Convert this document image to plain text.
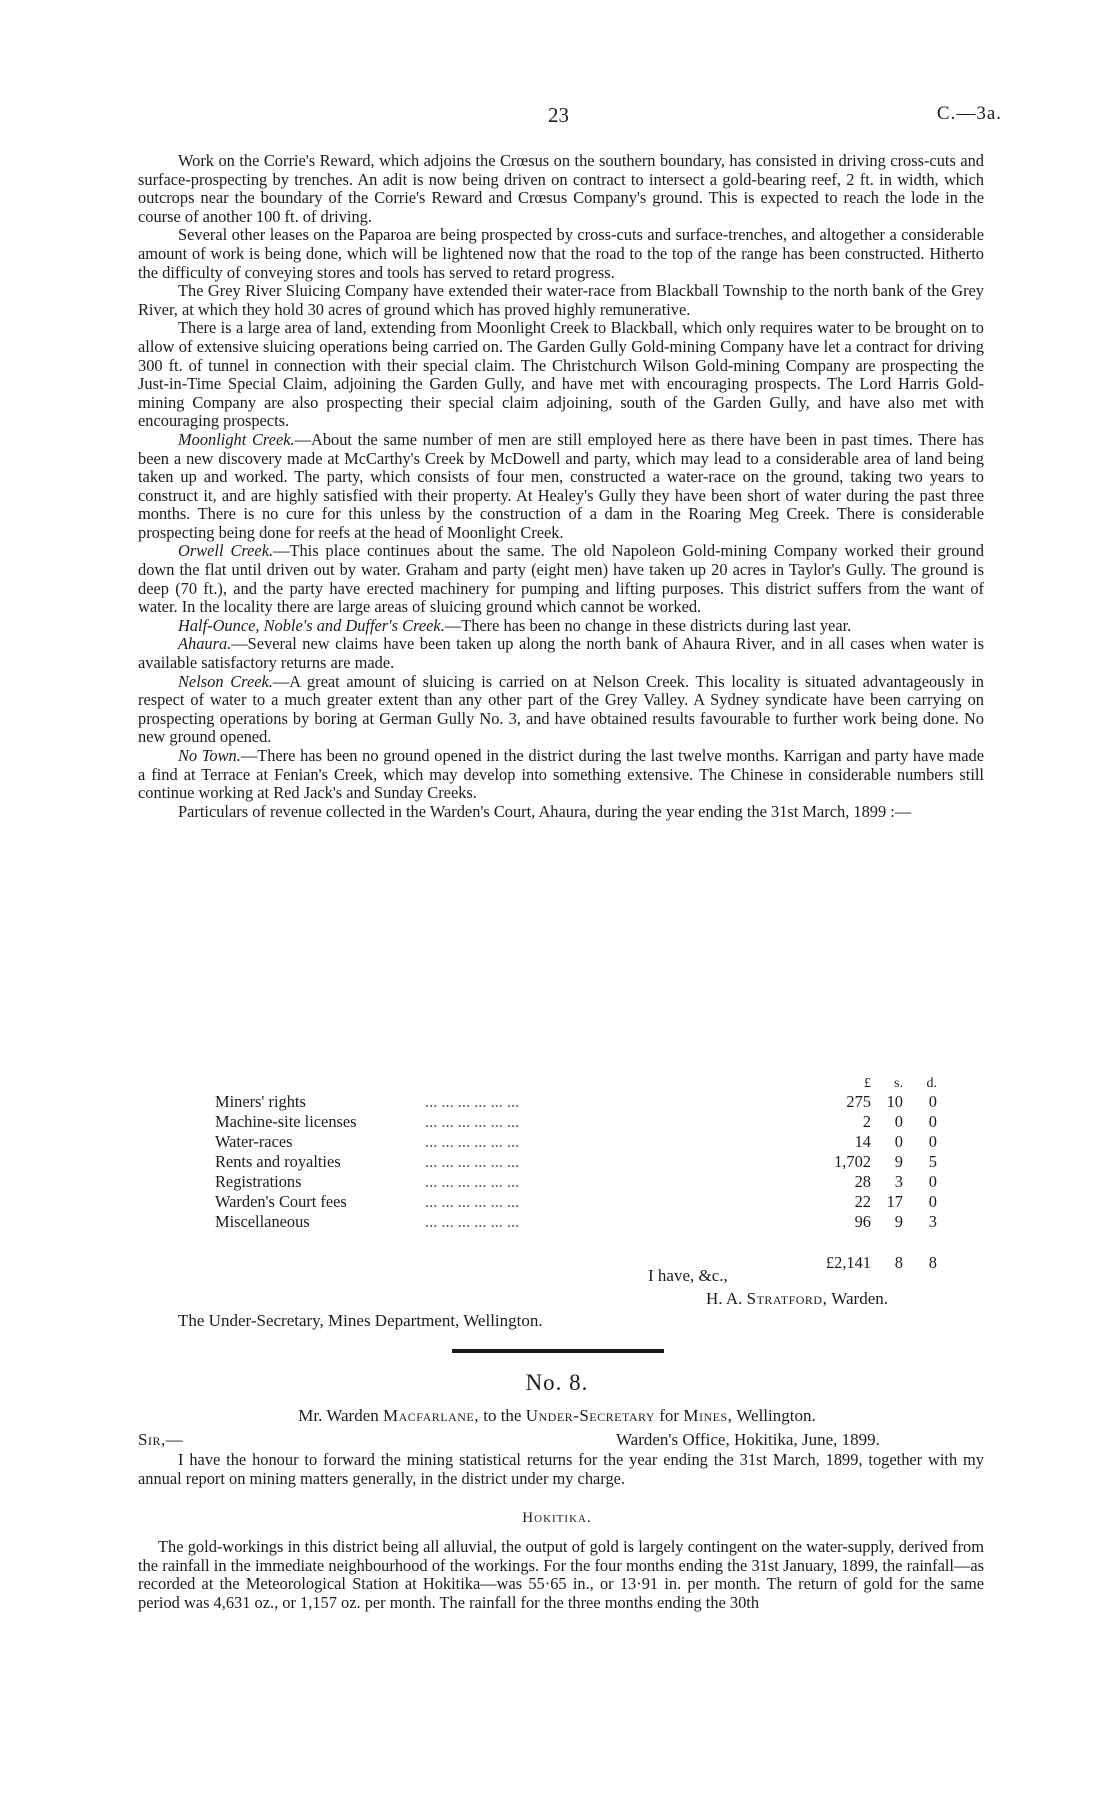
23	C.—3a.

Work on the Corrie's Reward, which adjoins the Crœsus on the southern boundary, has consisted in driving cross-cuts and surface-prospecting by trenches. An adit is now being driven on contract to intersect a gold-bearing reef, 2 ft. in width, which outcrops near the boundary of the Corrie's Reward and Crœsus Company's ground. This is expected to reach the lode in the course of another 100 ft. of driving.

Several other leases on the Paparoa are being prospected by cross-cuts and surface-trenches, and altogether a considerable amount of work is being done, which will be lightened now that the road to the top of the range has been constructed. Hitherto the difficulty of conveying stores and tools has served to retard progress.

The Grey River Sluicing Company have extended their water-race from Blackball Township to the north bank of the Grey River, at which they hold 30 acres of ground which has proved highly remunerative.

There is a large area of land, extending from Moonlight Creek to Blackball, which only requires water to be brought on to allow of extensive sluicing operations being carried on. The Garden Gully Gold-mining Company have let a contract for driving 300 ft. of tunnel in connection with their special claim. The Christchurch Wilson Gold-mining Company are prospecting the Just-in-Time Special Claim, adjoining the Garden Gully, and have met with encouraging prospects. The Lord Harris Gold-mining Company are also prospecting their special claim adjoining, south of the Garden Gully, and have also met with encouraging prospects.

Moonlight Creek.—About the same number of men are still employed here as there have been in past times. There has been a new discovery made at McCarthy's Creek by McDowell and party, which may lead to a considerable area of land being taken up and worked. The party, which consists of four men, constructed a water-race on the ground, taking two years to construct it, and are highly satisfied with their property. At Healey's Gully they have been short of water during the past three months. There is no cure for this unless by the construction of a dam in the Roaring Meg Creek. There is considerable prospecting being done for reefs at the head of Moonlight Creek.

Orwell Creek.—This place continues about the same. The old Napoleon Gold-mining Company worked their ground down the flat until driven out by water. Graham and party (eight men) have taken up 20 acres in Taylor's Gully. The ground is deep (70 ft.), and the party have erected machinery for pumping and lifting purposes. This district suffers from the want of water. In the locality there are large areas of sluicing ground which cannot be worked.

Half-Ounce, Noble's and Duffer's Creek.—There has been no change in these districts during last year.

Ahaura.—Several new claims have been taken up along the north bank of Ahaura River, and in all cases when water is available satisfactory returns are made.

Nelson Creek.—A great amount of sluicing is carried on at Nelson Creek. This locality is situated advantageously in respect of water to a much greater extent than any other part of the Grey Valley. A Sydney syndicate have been carrying on prospecting operations by boring at German Gully No. 3, and have obtained results favourable to further work being done. No new ground opened.

No Town.—There has been no ground opened in the district during the last twelve months. Karrigan and party have made a find at Terrace at Fenian's Creek, which may develop into something extensive. The Chinese in considerable numbers still continue working at Red Jack's and Sunday Creeks.

Particulars of revenue collected in the Warden's Court, Ahaura, during the year ending the 31st March, 1899 :—

		£	s.	d.
Miners' rights	... ... ... ... ... ...	275	10	0
Machine-site licenses	... ... ... ... ... ...	2	0	0
Water-races	... ... ... ... ... ...	14	0	0
Rents and royalties	... ... ... ... ... ...	1,702	9	5
Registrations	... ... ... ... ... ...	28	3	0
Warden's Court fees	... ... ... ... ... ...	22	17	0
Miscellaneous	... ... ... ... ... ...	96	9	3
		£2,141	8	8
I have, &c.,
H. A. Stratford, Warden.
The Under-Secretary, Mines Department, Wellington.
No. 8.
Mr. Warden Macfarlane, to the Under-Secretary for Mines, Wellington.
Sir,—	Warden's Office, Hokitika, June, 1899.

I have the honour to forward the mining statistical returns for the year ending the 31st March, 1899, together with my annual report on mining matters generally, in the district under my charge.

Hokitika.

The gold-workings in this district being all alluvial, the output of gold is largely contingent on the water-supply, derived from the rainfall in the immediate neighbourhood of the workings. For the four months ending the 31st January, 1899, the rainfall—as recorded at the Meteorological Station at Hokitika—was 55·65 in., or 13·91 in. per month. The return of gold for the same period was 4,631 oz., or 1,157 oz. per month. The rainfall for the three months ending the 30th
